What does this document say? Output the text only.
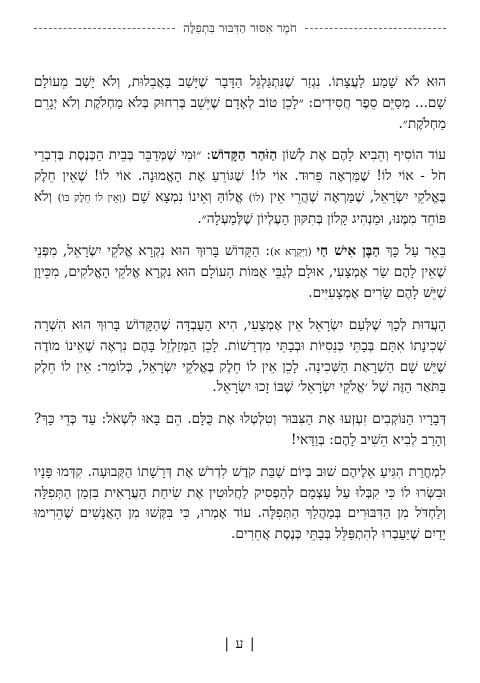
חֹמֶר אִסּוּר הַדִּבּוּר בִּתְפִלָּה

הוּא לֹא שָׁמַע לַעֲצָתוֹ. נִגְזַר שֶׁנִּתְגַּלְגֵּל הַדָּבָר שֶׁיָּשַׁב בָּאֲבֵלוּת, וְלֹא יָשַׁב מֵעוֹלָם שָׁם... מְסַיֵּם סֵפֶר חֲסִידִים: ״לָכֵן טוֹב לְאָדָם שֶׁיֵּשֵׁב בְּרִחוּק בְּלֹא מַחְלֹקֶת וְלֹא יְגָרֵם מַחְלֹקֶת״.

עוֹד הוֹסִיף וְהֵבִיא לָהֶם אֶת לְשׁוֹן הַזֹּהַר הַקָּדוֹשׁ: ״וּמִי שֶׁמְּדַבֵּר בְּבֵית הַכְּנֶסֶת בְּדִבְרֵי חֹל - אוֹי לוֹ! שֶׁמַּרְאֶה פֵּרוּד. אוֹי לוֹ! שֶׁגּוֹרֵעַ אֶת הָאֱמוּנָה. אוֹי לוֹ! שֶׁאֵין חֵלֶק בֶּאֱלֹקֵי יִשְׂרָאֵל, שֶׁמַּרְאֶה שֶׁהֲרֵי אֵין (לוֹ) אֱלוֹהַּ וְאֵינוֹ נִמְצָא שָׁם (וְאֵין לוֹ חֵלֶק בּוֹ) וְלֹא פּוֹחֵד מִמֶּנּוּ, וּמַנְהִיג קָלוֹן בְּתִקּוּן הָעֶלְיוֹן שֶׁלְּמַעְלָה״.

בֵּאֵר עַל כָּךְ הַבֶּן אִישׁ חַי (וַיִּקְרָא א): הַקָּדוֹשׁ בָּרוּךְ הוּא נִקְרָא אֱלֹקֵי יִשְׂרָאֵל, מִפְּנֵי שֶׁאֵין לָהֶם שַׂר אֶמְצָעִי, אוּלָם לְגַבֵּי אֻמּוֹת הָעוֹלָם הוּא נִקְרָא אֱלֹקֵי הָאֱלֹקִים, מִכֵּיוָן שֶׁיֵּשׁ לָהֶם שָׂרִים אֶמְצָעִיִּים.

הָעֲדוּת לְכָךְ שֶׁלְּעַם יִשְׂרָאֵל אֵין אֶמְצָעִי, הִיא הָעֻבְדָּה שֶׁהַקָּדוֹשׁ בָּרוּךְ הוּא הִשְׁרָה שְׁכִינָתוֹ אִתָּם בְּבָתֵּי כְּנֵסִיּוֹת וּבְבָתֵּי מִדְרָשׁוֹת. לָכֵן הַמְּזַלְזֵל בָּהֶם נִרְאֶה שֶׁאֵינוֹ מוֹדֶה שֶׁיֵּשׁ שָׁם הַשְׁרָאַת הַשְּׁכִינָה. לָכֵן אֵין לוֹ חֵלֶק בֶּאֱלֹקֵי יִשְׂרָאֵל, כְּלוֹמַר: אֵין לוֹ חֵלֶק בַּתֹּאַר הַזֶּה שֶׁל ׳אֱלֹקֵי יִשְׂרָאֵל׳ שֶׁבּוֹ זָכוּ יִשְׂרָאֵל.

דְּבָרָיו הַנּוֹקְבִים זִעְזְעוּ אֶת הַצִּבּוּר וְטִלְטְלוּ אֶת כֻּלָּם. הֵם בָּאוּ לִשְׁאֹל: עַד כְּדֵי כָּךְ? וְהָרַב לְבִיא הֵשִׁיב לָהֶם: בְּוַדַּאי!

לִמְחֳרַת הִגִּיעַ אֵלֶיהֶם שׁוּב בְּיוֹם שַׁבַּת קֹדֶשׁ לִדְרֹשׁ אֶת דְּרָשָׁתוֹ הַקְּבוּעָה. קִדְּמוּ פָּנָיו וּבִשְּׂרוּ לוֹ כִּי קִבְּלוּ עַל עַצְמָם לְהַפְסִיק לַחֲלוּטִין אֶת שִׂיחַת הָעֲרָאִית בִּזְמַן הַתְּפִלָּה וְלַחְדֹּל מִן הַדִּבּוּרִים בְּמַהֲלַךְ הַתְּפִלָּה. עוֹד אָמְרוּ, כִּי בִּקְּשׁוּ מִן הָאֲנָשִׁים שֶׁהֵרִימוּ יָדַיִם שֶׁיַּעַבְרוּ לְהִתְפַּלֵּל בְּבָתֵּי כְּנֶסֶת אֲחֵרִים.

| ע |
